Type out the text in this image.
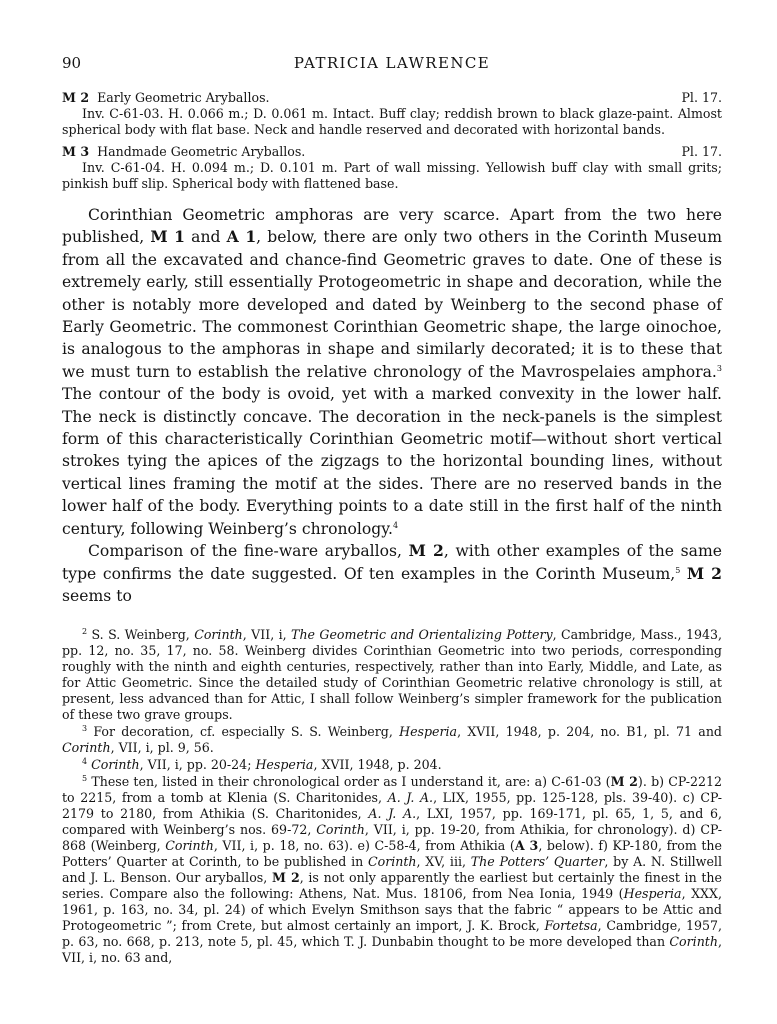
90	PATRICIA LAWRENCE
M 2 Early Geometric Aryballos.	Pl. 17.
Inv. C-61-03. H. 0.066 m.; D. 0.061 m. Intact. Buff clay; reddish brown to black glaze-paint. Almost spherical body with flat base. Neck and handle reserved and decorated with horizontal bands.
M 3 Handmade Geometric Aryballos.	Pl. 17.
Inv. C-61-04. H. 0.094 m.; D. 0.101 m. Part of wall missing. Yellowish buff clay with small grits; pinkish buff slip. Spherical body with flattened base.

Corinthian Geometric amphoras are very scarce. Apart from the two here published, M 1 and A 1, below, there are only two others in the Corinth Museum from all the excavated and chance-find Geometric graves to date. One of these is extremely early, still essentially Protogeometric in shape and decoration, while the other is notably more developed and dated by Weinberg to the second phase of Early Geometric. The commonest Corinthian Geometric shape, the large oinochoe, is analogous to the amphoras in shape and similarly decorated; it is to these that we must turn to establish the relative chronology of the Mavrospelaies amphora.$^3$ The contour of the body is ovoid, yet with a marked convexity in the lower half. The neck is distinctly concave. The decoration in the neck-panels is the simplest form of this characteristically Corinthian Geometric motif—without short vertical strokes tying the apices of the zigzags to the horizontal bounding lines, without vertical lines framing the motif at the sides. There are no reserved bands in the lower half of the body. Everything points to a date still in the first half of the ninth century, following Weinberg’s chronology.$^4$

Comparison of the fine-ware aryballos, M 2, with other examples of the same type confirms the date suggested. Of ten examples in the Corinth Museum,$^5$ M 2 seems to

$^2$ S. S. Weinberg, Corinth, VII, i, The Geometric and Orientalizing Pottery, Cambridge, Mass., 1943, pp. 12, no. 35, 17, no. 58. Weinberg divides Corinthian Geometric into two periods, corresponding roughly with the ninth and eighth centuries, respectively, rather than into Early, Middle, and Late, as for Attic Geometric. Since the detailed study of Corinthian Geometric relative chronology is still, at present, less advanced than for Attic, I shall follow Weinberg’s simpler framework for the publication of these two grave groups.

$^3$ For decoration, cf. especially S. S. Weinberg, Hesperia, XVII, 1948, p. 204, no. B1, pl. 71 and Corinth, VII, i, pl. 9, 56.

$^4$ Corinth, VII, i, pp. 20-24; Hesperia, XVII, 1948, p. 204.

$^5$ These ten, listed in their chronological order as I understand it, are: a) C-61-03 (M 2). b) CP-2212 to 2215, from a tomb at Klenia (S. Charitonides, A. J. A., LIX, 1955, pp. 125-128, pls. 39-40). c) CP-2179 to 2180, from Athikia (S. Charitonides, A. J. A., LXI, 1957, pp. 169-171, pl. 65, 1, 5, and 6, compared with Weinberg’s nos. 69-72, Corinth, VII, i, pp. 19-20, from Athikia, for chronology). d) CP-868 (Weinberg, Corinth, VII, i, p. 18, no. 63). e) C-58-4, from Athikia (A 3, below). f) KP-180, from the Potters’ Quarter at Corinth, to be published in Corinth, XV, iii, The Potters’ Quarter, by A. N. Stillwell and J. L. Benson. Our aryballos, M 2, is not only apparently the earliest but certainly the finest in the series. Compare also the following: Athens, Nat. Mus. 18106, from Nea Ionia, 1949 (Hesperia, XXX, 1961, p. 163, no. 34, pl. 24) of which Evelyn Smithson says that the fabric “ appears to be Attic and Protogeometric ”; from Crete, but almost certainly an import, J. K. Brock, Fortetsa, Cambridge, 1957, p. 63, no. 668, p. 213, note 5, pl. 45, which T. J. Dunbabin thought to be more developed than Corinth, VII, i, no. 63 and,
